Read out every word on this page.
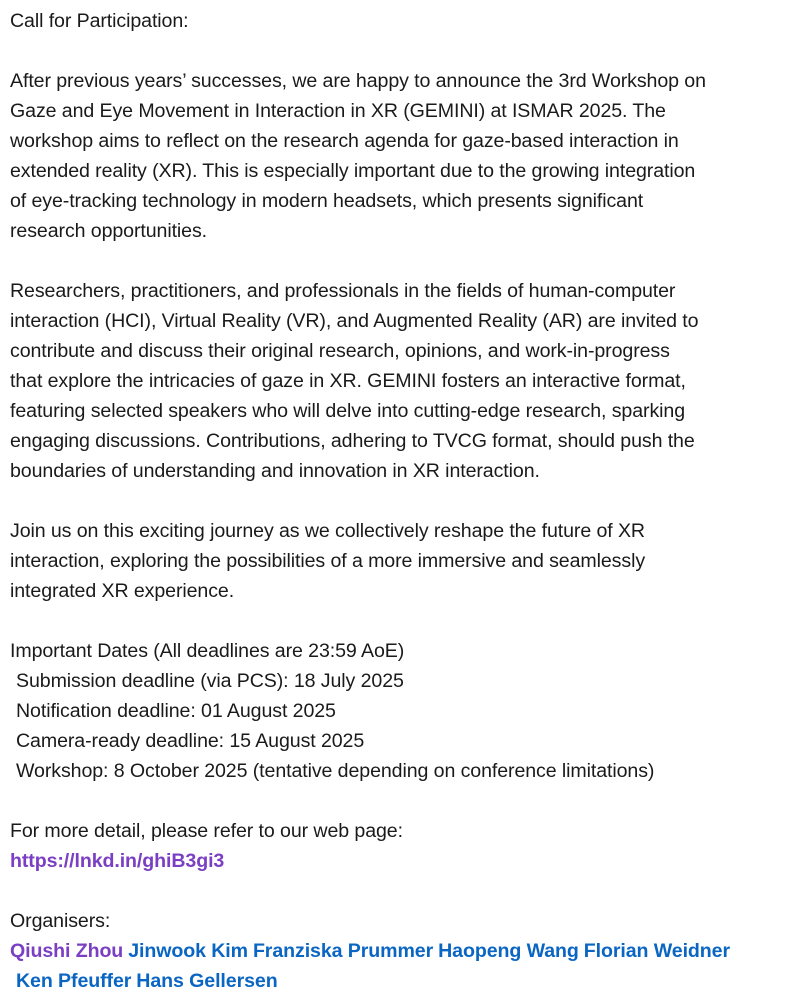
Call for Participation:
After previous years’ successes, we are happy to announce the 3rd Workshop on
Gaze and Eye Movement in Interaction in XR (GEMINI) at ISMAR 2025. The
workshop aims to reflect on the research agenda for gaze-based interaction in
extended reality (XR). This is especially important due to the growing integration
of eye-tracking technology in modern headsets, which presents significant
research opportunities.
Researchers, practitioners, and professionals in the fields of human-computer
interaction (HCI), Virtual Reality (VR), and Augmented Reality (AR) are invited to
contribute and discuss their original research, opinions, and work-in-progress
that explore the intricacies of gaze in XR. GEMINI fosters an interactive format,
featuring selected speakers who will delve into cutting-edge research, sparking
engaging discussions. Contributions, adhering to TVCG format, should push the
boundaries of understanding and innovation in XR interaction.
Join us on this exciting journey as we collectively reshape the future of XR
interaction, exploring the possibilities of a more immersive and seamlessly
integrated XR experience.
Important Dates (All deadlines are 23:59 AoE)
Submission deadline (via PCS): 18 July 2025
Notification deadline: 01 August 2025
Camera-ready deadline: 15 August 2025
Workshop: 8 October 2025 (tentative depending on conference limitations)
For more detail, please refer to our web page:
https://lnkd.in/ghiB3gi3
Organisers:
Qiushi Zhou Jinwook Kim Franziska Prummer Haopeng Wang Florian Weidner
Ken Pfeuffer Hans Gellersen
